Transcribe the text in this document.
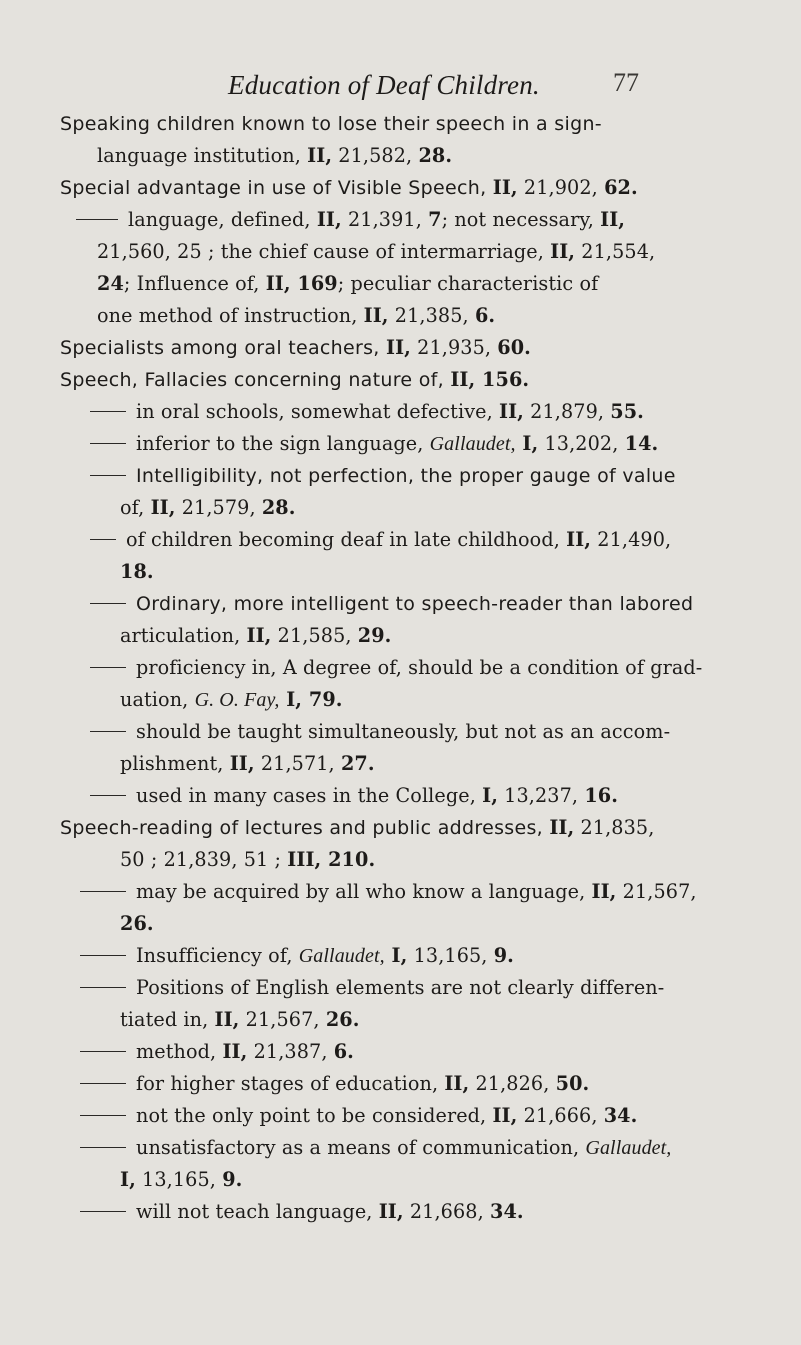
Education of Deaf Children.	77
Speaking children known to lose their speech in a sign-
language institution, II, 21,582, 28.
Special advantage in use of Visible Speech, II, 21,902, 62.
language, defined, II, 21,391, 7; not necessary, II,
21,560, 25 ; the chief cause of intermarriage, II, 21,554,
24; Influence of, II, 169; peculiar characteristic of
one method of instruction, II, 21,385, 6.
Specialists among oral teachers, II, 21,935, 60.
Speech, Fallacies concerning nature of, II, 156.
in oral schools, somewhat defective, II, 21,879, 55.
inferior to the sign language, Gallaudet, I, 13,202, 14.
Intelligibility, not perfection, the proper gauge of value
of, II, 21,579, 28.
of children becoming deaf in late childhood, II, 21,490,
18.
Ordinary, more intelligent to speech-reader than labored
articulation, II, 21,585, 29.
proficiency in, A degree of, should be a condition of grad-
uation, G. O. Fay, I, 79.
should be taught simultaneously, but not as an accom-
plishment, II, 21,571, 27.
used in many cases in the College, I, 13,237, 16.
Speech-reading of lectures and public addresses, II, 21,835,
50 ; 21,839, 51 ; III, 210.
may be acquired by all who know a language, II, 21,567,
26.
Insufficiency of, Gallaudet, I, 13,165, 9.
Positions of English elements are not clearly differen-
tiated in, II, 21,567, 26.
method, II, 21,387, 6.
for higher stages of education, II, 21,826, 50.
not the only point to be considered, II, 21,666, 34.
unsatisfactory as a means of communication, Gallaudet,
I, 13,165, 9.
will not teach language, II, 21,668, 34.
